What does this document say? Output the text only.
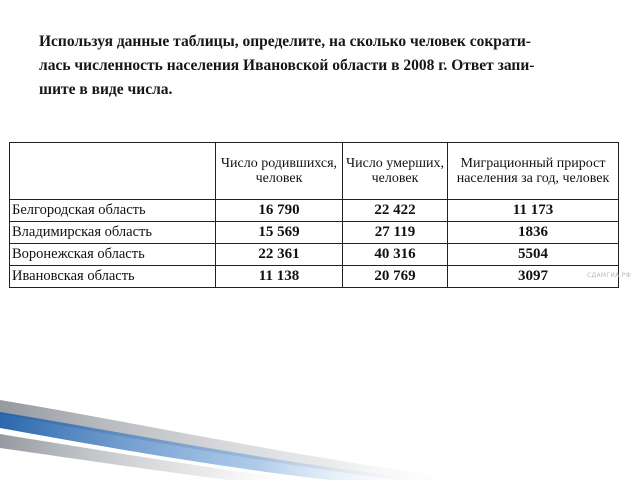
Используя данные таблицы, определите, на сколько человек сократи-
лась численность населения Ивановской области в 2008 г. Ответ запи-
шите в виде числа.
	Число родившихся, человек	Число умерших, человек	Миграционный прирост населения за год, человек
Белгородская область	16 790	22 422	11 173
Владимирская область	15 569	27 119	1836
Воронежская область	22 361	40 316	5504
Ивановская область	11 138	20 769	3097	СДАМГИА.РФ
